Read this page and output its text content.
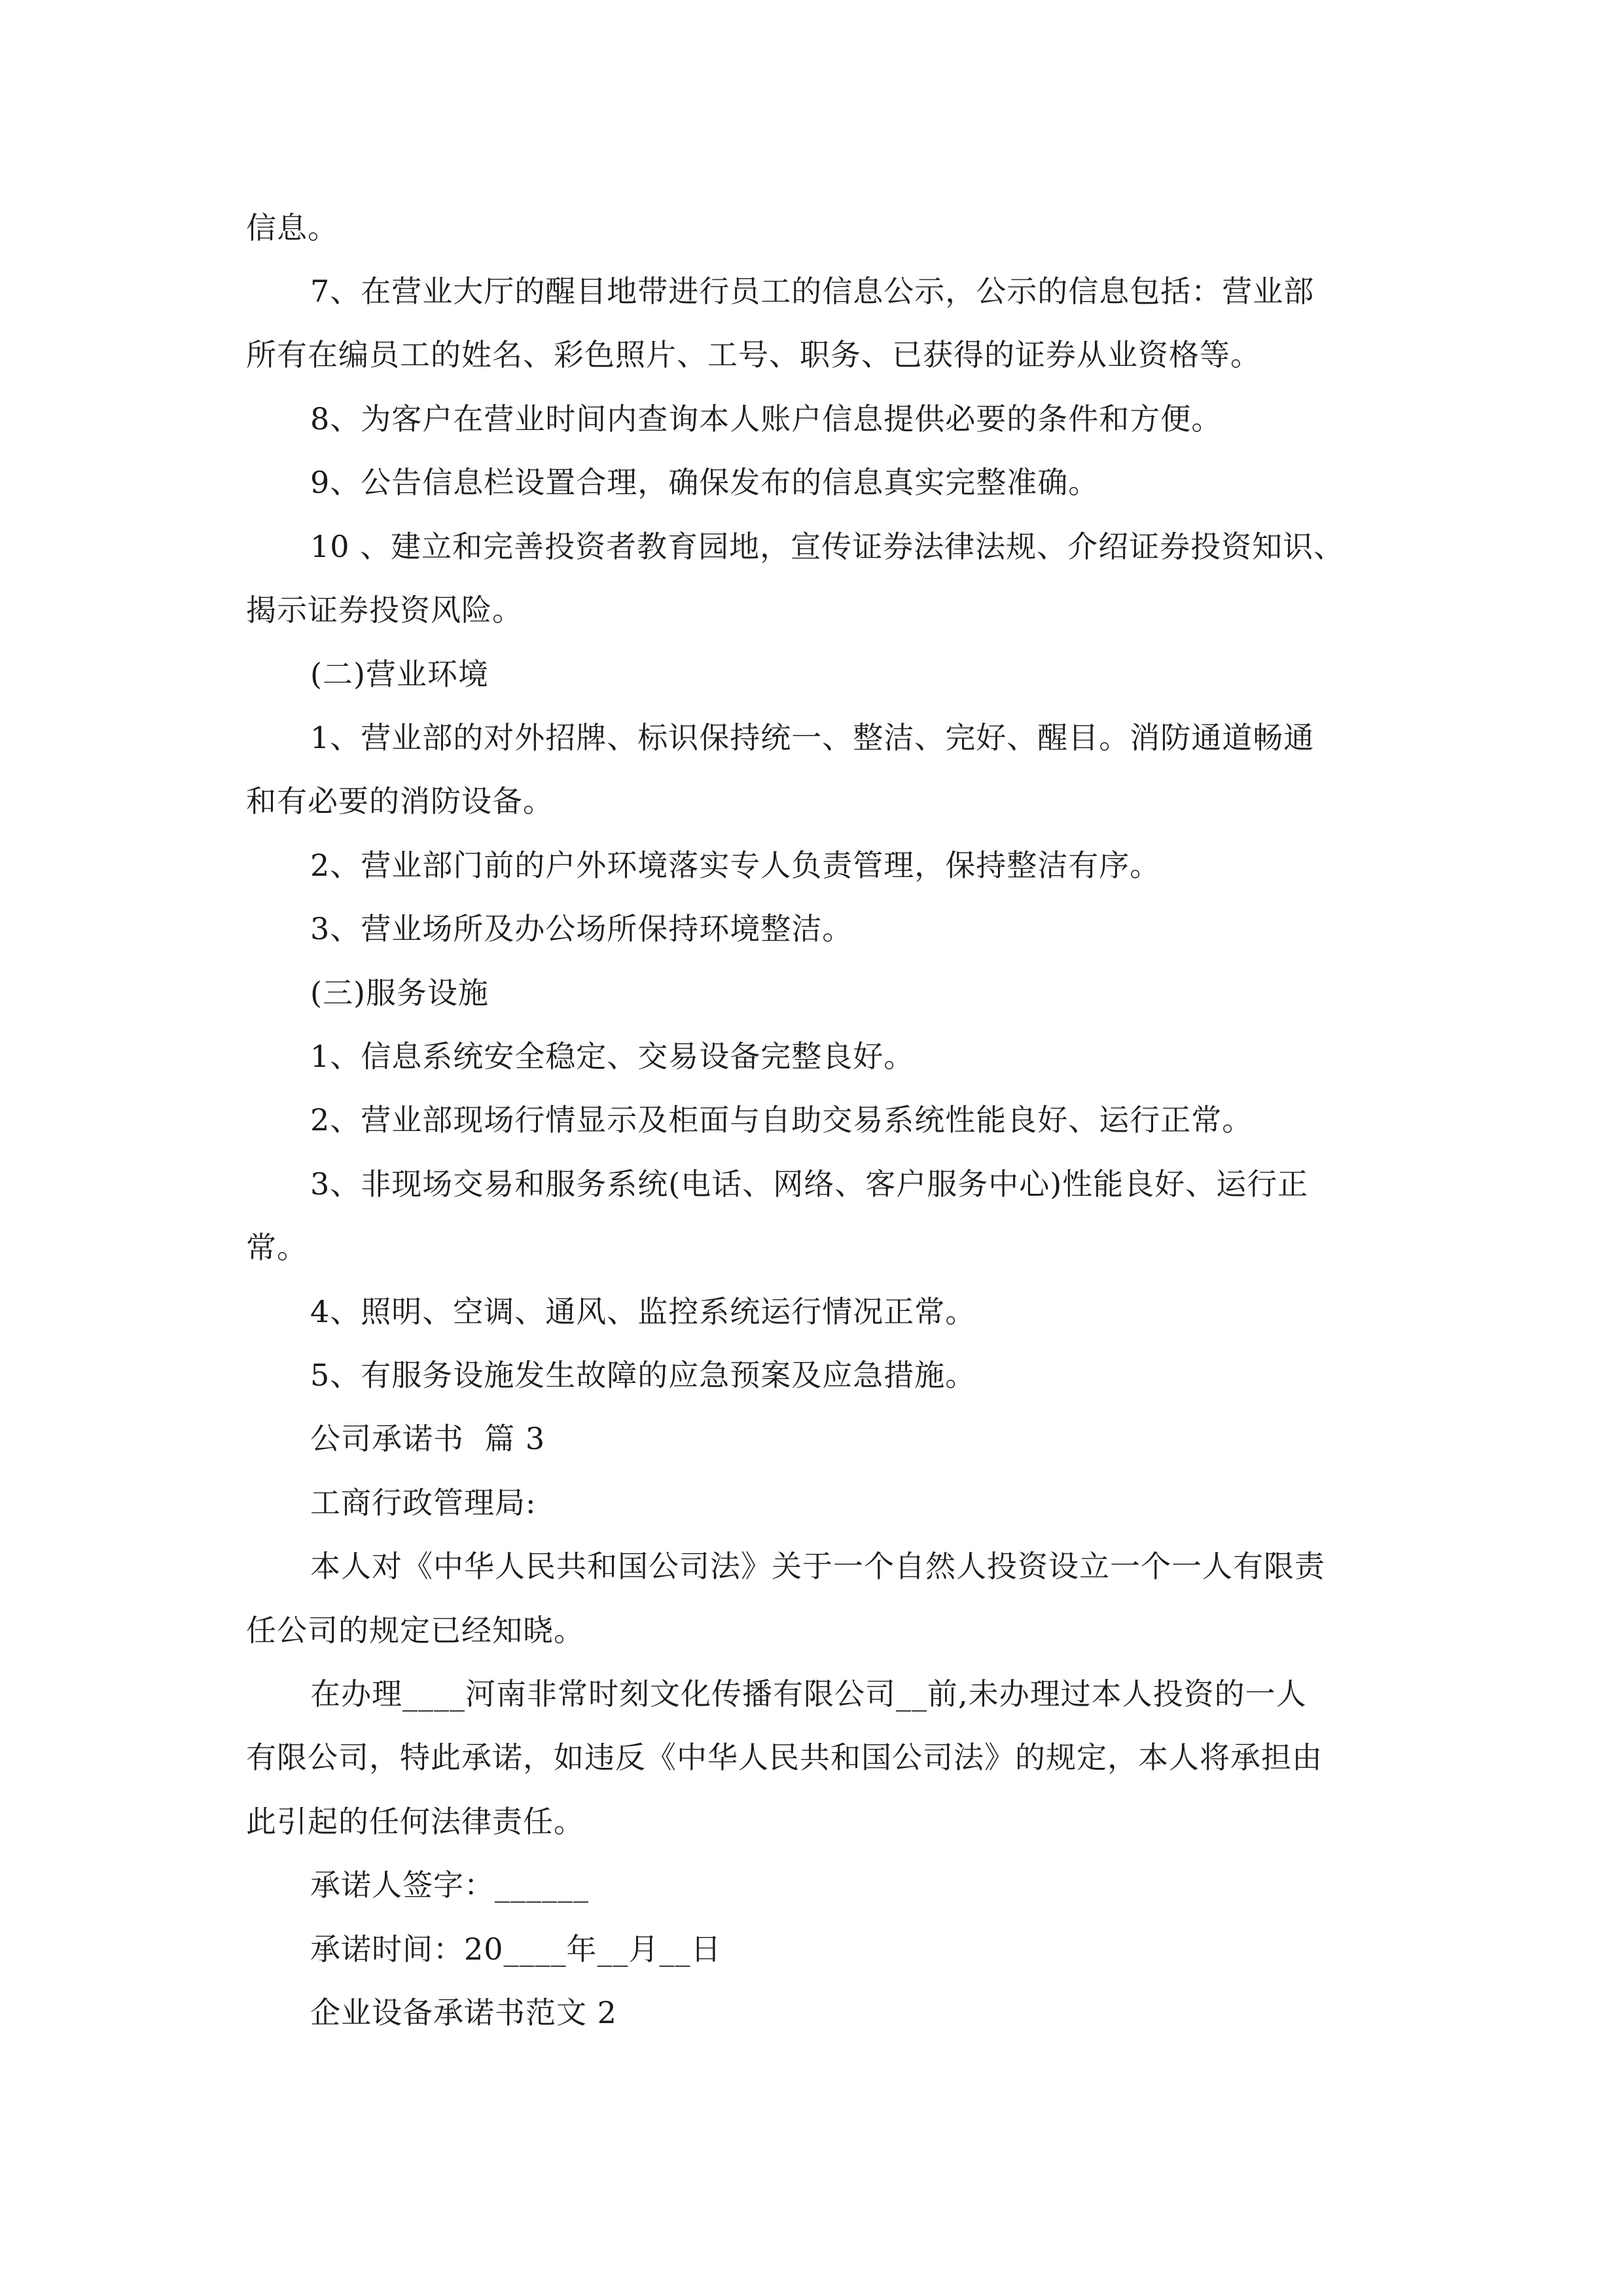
信息。
7、在营业大厅的醒目地带进行员工的信息公示，公示的信息包括：营业部
所有在编员工的姓名、彩色照片、工号、职务、已获得的证券从业资格等。
8、为客户在营业时间内查询本人账户信息提供必要的条件和方便。
9、公告信息栏设置合理，确保发布的信息真实完整准确。
10 、建立和完善投资者教育园地，宣传证券法律法规、介绍证券投资知识、
揭示证券投资风险。
(二)营业环境
1、营业部的对外招牌、标识保持统一、整洁、完好、醒目。消防通道畅通
和有必要的消防设备。
2、营业部门前的户外环境落实专人负责管理，保持整洁有序。
3、营业场所及办公场所保持环境整洁。
(三)服务设施
1、信息系统安全稳定、交易设备完整良好。
2、营业部现场行情显示及柜面与自助交易系统性能良好、运行正常。
3、非现场交易和服务系统(电话、网络、客户服务中心)性能良好、运行正
常。
4、照明、空调、通风、监控系统运行情况正常。
5、有服务设施发生故障的应急预案及应急措施。
公司承诺书  篇 3
工商行政管理局:
本人对《中华人民共和国公司法》关于一个自然人投资设立一个一人有限责
任公司的规定已经知晓。
在办理____河南非常时刻文化传播有限公司__前,未办理过本人投资的一人
有限公司，特此承诺，如违反《中华人民共和国公司法》的规定，本人将承担由
此引起的任何法律责任。
承诺人签字：______
承诺时间：20____年__月__日
企业设备承诺书范文 2
